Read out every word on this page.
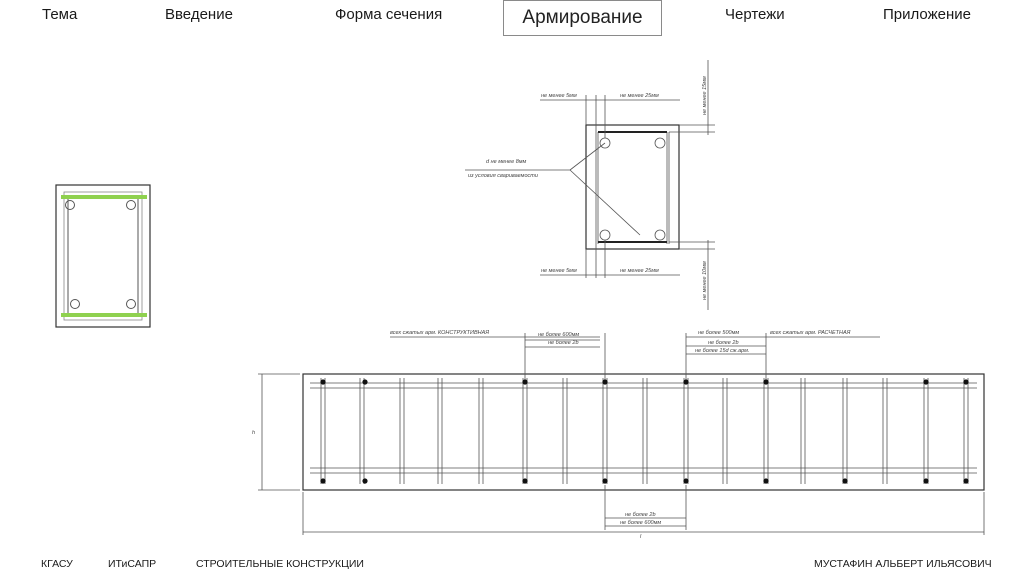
Тема	Введение	Форма сечения	Армирование	Чертежи	Приложение
не менее 5мм	не менее 25мм	не менее 15мм
d не менее 8мм
из условия свариваемости
не менее 5мм	не менее 25мм	не менее 10мм
всех сжатых арм. КОНСТРУКТИВНАЯ	не более 600мм
не более 2b
не более 500мм	всех сжатых арм. РАСЧЕТНАЯ
не более 2b
не более 15d сж.арм.
не более 2b
не более 600мм
h
l
КГАСУ	ИТиСАПР	СТРОИТЕЛЬНЫЕ КОНСТРУКЦИИ	МУСТАФИН АЛЬБЕРТ ИЛЬЯСОВИЧ
